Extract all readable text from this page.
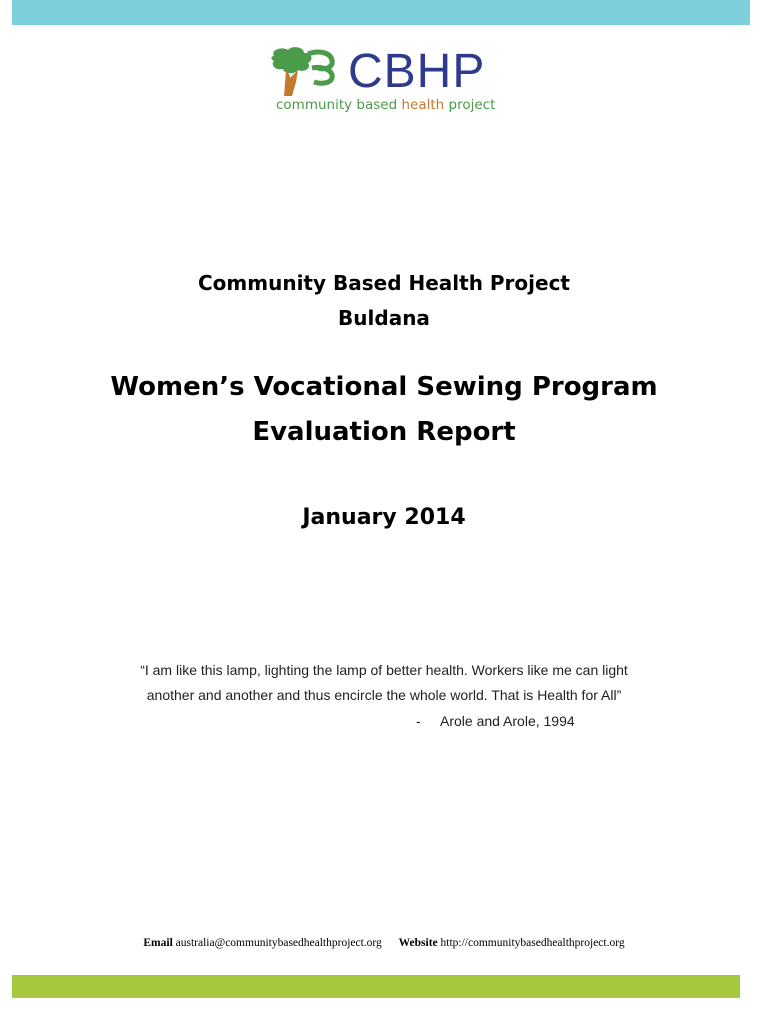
CBHP
community based health project
Community Based Health Project
Buldana
Women’s Vocational Sewing Program
Evaluation Report
January 2014
“I am like this lamp, lighting the lamp of better health. Workers like me can light
another and another and thus encircle the whole world. That is Health for All”
- Arole and Arole, 1994
Email australia@communitybasedhealthproject.org Website http://communitybasedhealthproject.org
